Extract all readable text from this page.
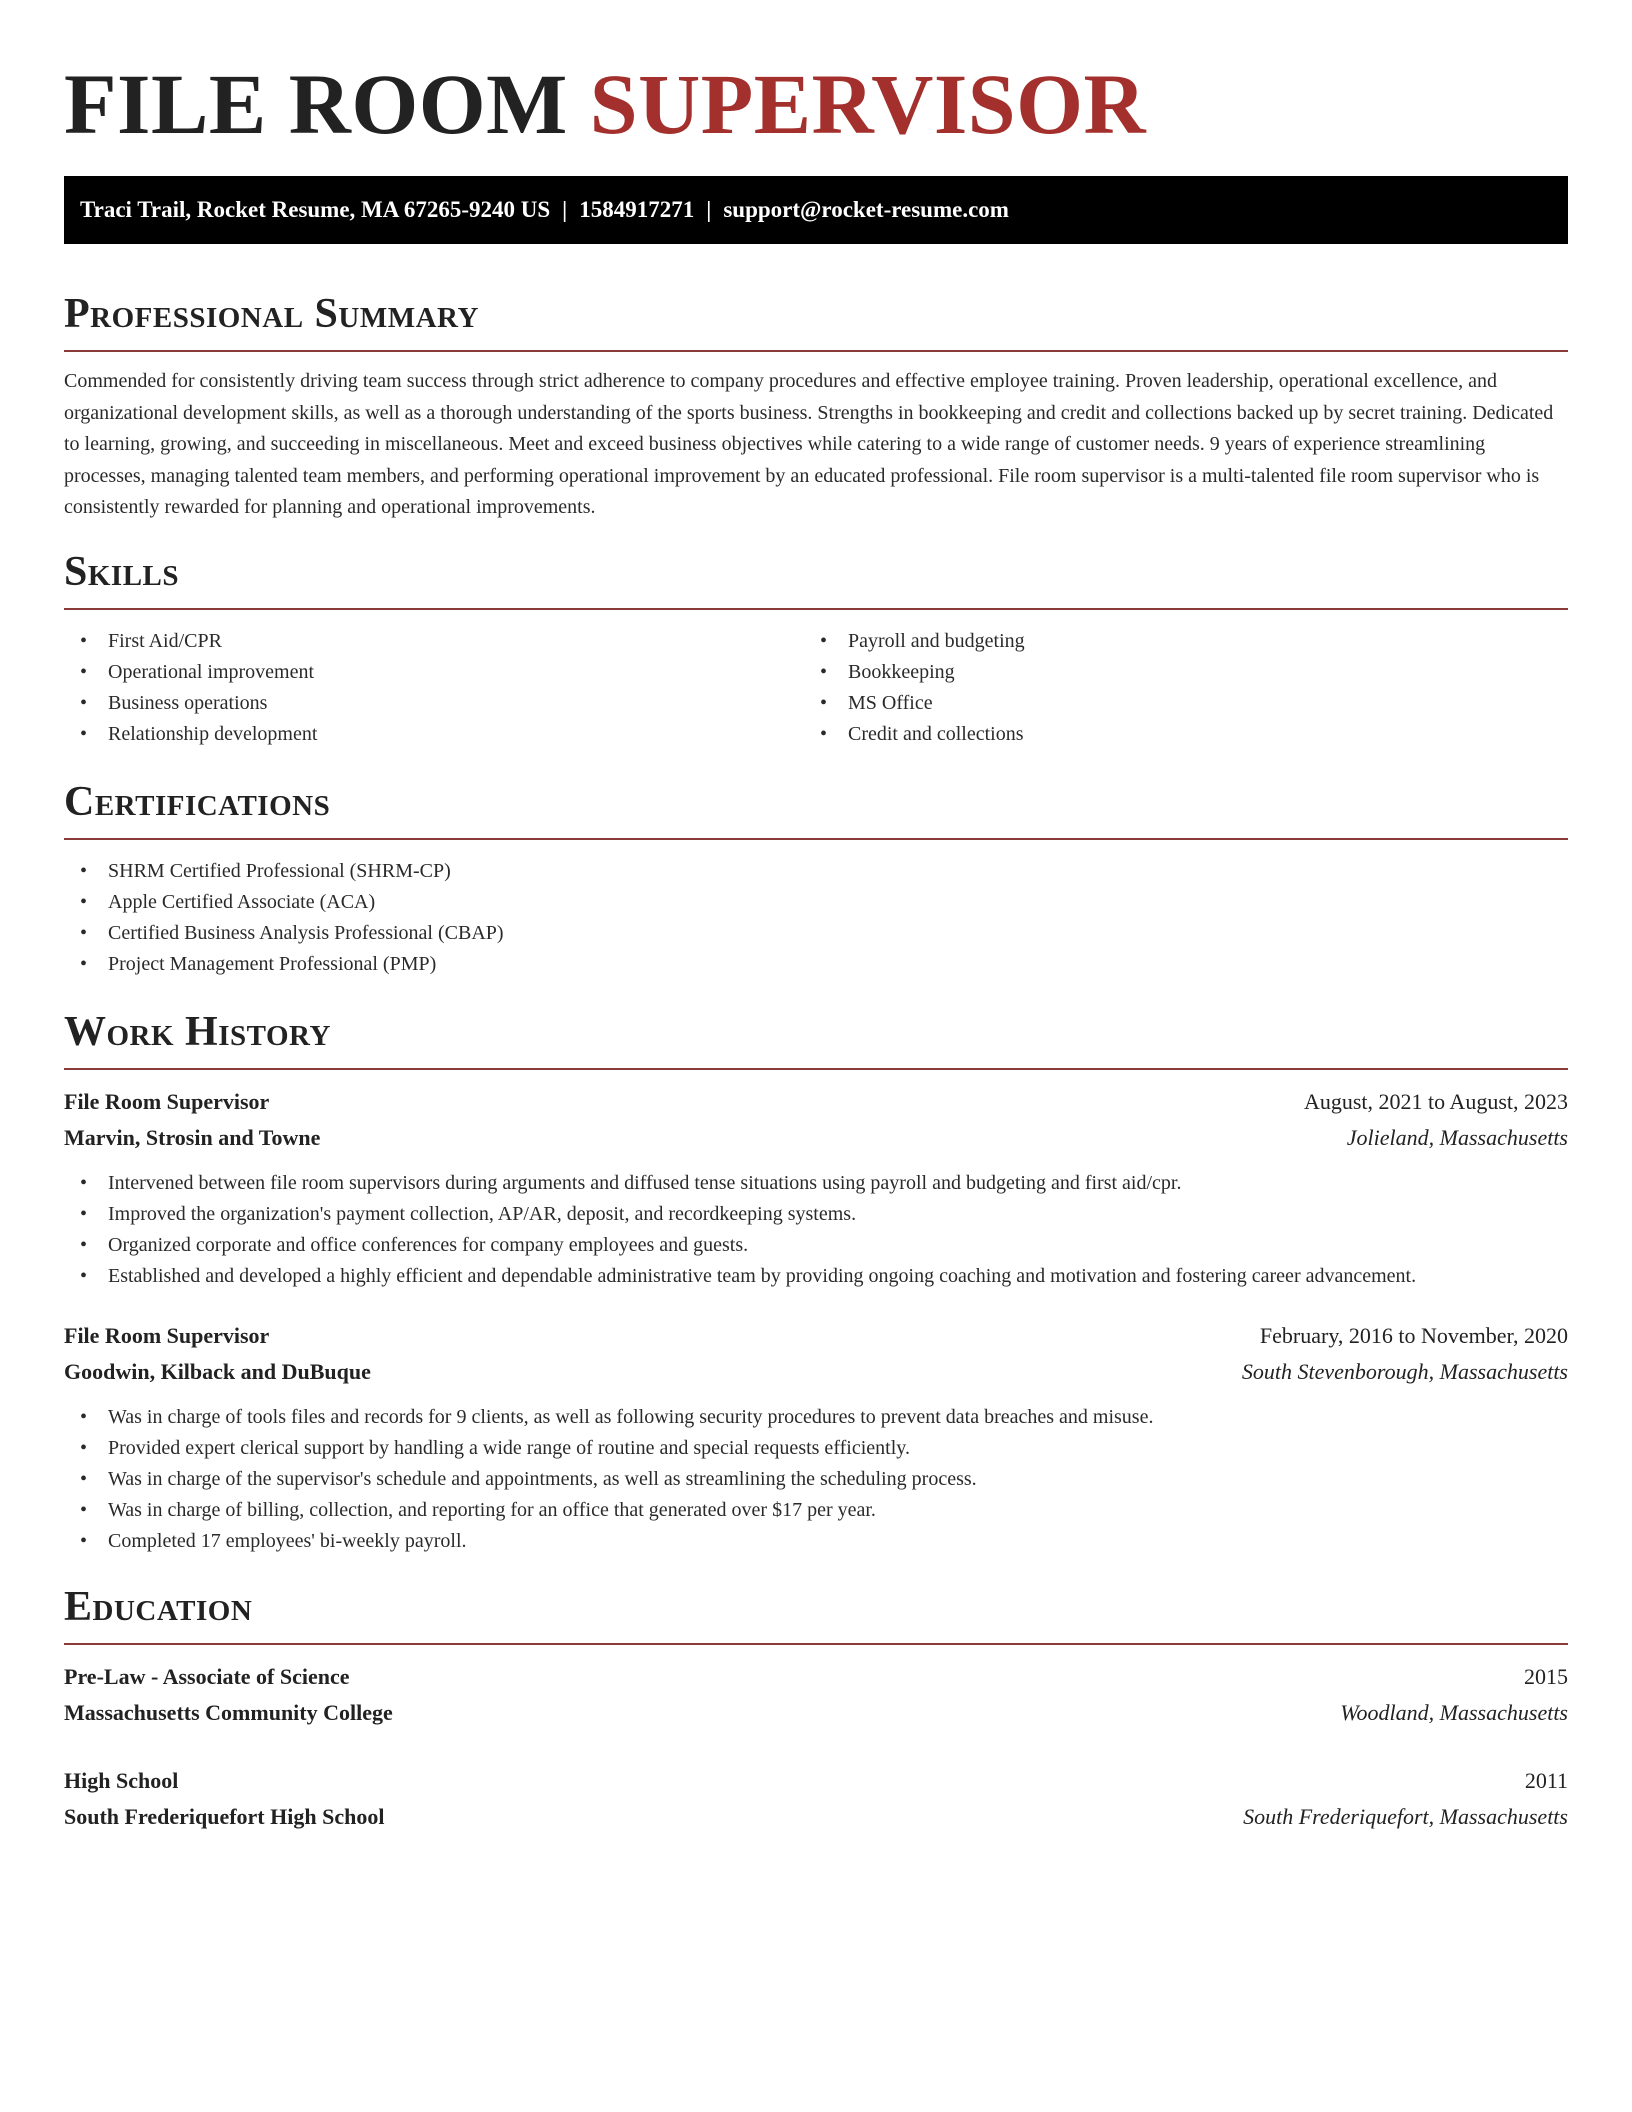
FILE ROOM SUPERVISOR
Traci Trail, Rocket Resume, MA 67265-9240 US | 1584917271 | support@rocket-resume.com
Professional Summary

Commended for consistently driving team success through strict adherence to company procedures and effective employee training. Proven leadership, operational excellence, and organizational development skills, as well as a thorough understanding of the sports business. Strengths in bookkeeping and credit and collections backed up by secret training. Dedicated to learning, growing, and succeeding in miscellaneous. Meet and exceed business objectives while catering to a wide range of customer needs. 9 years of experience streamlining processes, managing talented team members, and performing operational improvement by an educated professional. File room supervisor is a multi-talented file room supervisor who is consistently rewarded for planning and operational improvements.

Skills
• First Aid/CPR
• Operational improvement
• Business operations
• Relationship development
• Payroll and budgeting
• Bookkeeping
• MS Office
• Credit and collections
Certifications
• SHRM Certified Professional (SHRM-CP)
• Apple Certified Associate (ACA)
• Certified Business Analysis Professional (CBAP)
• Project Management Professional (PMP)
Work History
File Room Supervisor	August, 2021 to August, 2023
Marvin, Strosin and Towne	Jolieland, Massachusetts
• Intervened between file room supervisors during arguments and diffused tense situations using payroll and budgeting and first aid/cpr.
• Improved the organization's payment collection, AP/AR, deposit, and recordkeeping systems.
• Organized corporate and office conferences for company employees and guests.
• Established and developed a highly efficient and dependable administrative team by providing ongoing coaching and motivation and fostering career advancement.
File Room Supervisor	February, 2016 to November, 2020
Goodwin, Kilback and DuBuque	South Stevenborough, Massachusetts
• Was in charge of tools files and records for 9 clients, as well as following security procedures to prevent data breaches and misuse.
• Provided expert clerical support by handling a wide range of routine and special requests efficiently.
• Was in charge of the supervisor's schedule and appointments, as well as streamlining the scheduling process.
• Was in charge of billing, collection, and reporting for an office that generated over $17 per year.
• Completed 17 employees' bi-weekly payroll.
Education
Pre-Law - Associate of Science	2015
Massachusetts Community College	Woodland, Massachusetts
High School	2011
South Frederiquefort High School	South Frederiquefort, Massachusetts
